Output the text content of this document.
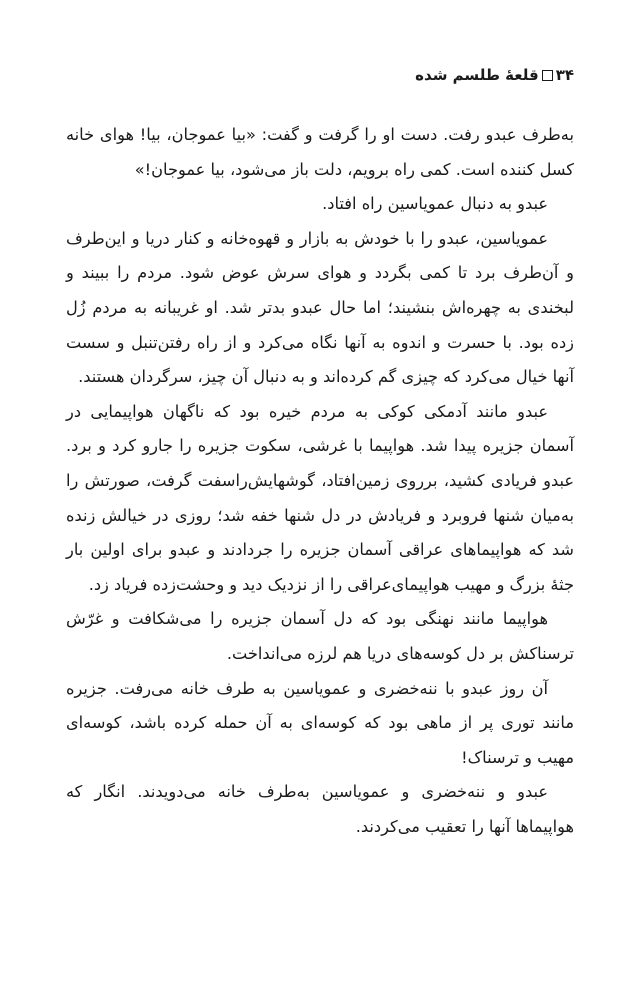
۳۴قلعهٔ طلسم شده

به‌طرف عبدو رفت. دست او را گرفت و گفت: «بیا عموجان، بیا! هوای خانه کسل کننده است. کمی راه برویم، دلت باز می‌شود، بیا عموجان!»

عبدو به دنبال عمویاسین راه افتاد.

عمویاسین، عبدو را با خودش به بازار و قهوه‌خانه و کنار دریا و این‌طرف و آن‌طرف برد تا کمی بگردد و هوای سرش عوض شود. مردم را ببیند و لبخندی به چهره‌اش بنشیند؛ اما حال عبدو بدتر شد. او غریبانه به مردم زُل زده بود. با حسرت و اندوه به آنها نگاه می‌کرد و از راه رفتن‌تنبل و سست آنها خیال می‌کرد که چیزی گم کرده‌اند و به دنبال آن چیز، سرگردان هستند.

عبدو مانند آدمکی کوکی به مردم خیره بود که ناگهان هواپیمایی در آسمان جزیره پیدا شد. هواپیما با غرشی، سکوت جزیره را جارو کرد و برد. عبدو فریادی کشید، برروی زمین‌افتاد، گوشهایش‌راسفت گرفت، صورتش را به‌میان شنها فروبرد و فریادش در دل شنها خفه شد؛ روزی در خیالش زنده شد که هواپیماهای عراقی آسمان جزیره را جردادند و عبدو برای اولین بار جثهٔ بزرگ و مهیب هواپیمای‌عراقی را از نزدیک دید و وحشت‌زده فریاد زد.

هواپیما مانند نهنگی بود که دل آسمان جزیره را می‌شکافت و غرّش ترسناکش بر دل کوسه‌های دریا هم لرزه می‌انداخت.

آن روز عبدو با ننه‌خضری و عمویاسین به طرف خانه می‌رفت. جزیره مانند توری پر از ماهی بود که کوسه‌ای به آن حمله کرده باشد، کوسه‌ای مهیب و ترسناک!

عبدو و ننه‌خضری و عمویاسین به‌طرف خانه می‌دویدند. انگار که هواپیماها آنها را تعقیب می‌کردند.
